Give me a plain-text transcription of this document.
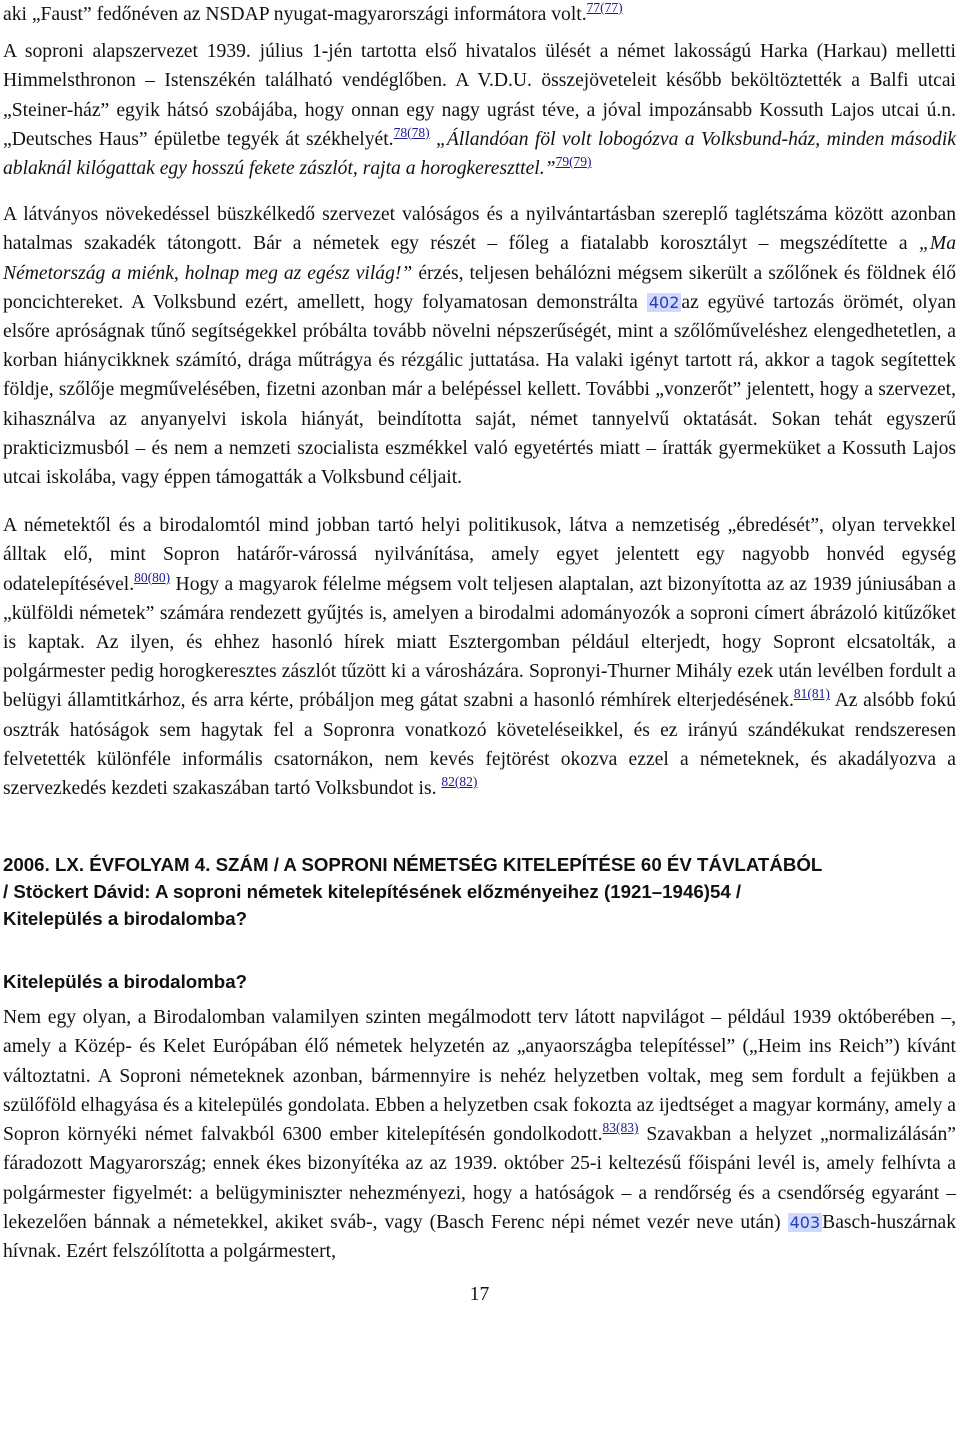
aki „Faust” fedőnéven az NSDAP nyugat-magyarországi informátora volt.$^{77(77)}$

A soproni alapszervezet 1939. július 1-jén tartotta első hivatalos ülését a német lakosságú Harka (Harkau) melletti Himmelsthronon – Istenszékén található vendéglőben. A V.D.U. összejöveteleit később beköltöztették a Balfi utcai „Steiner-ház” egyik hátsó szobájába, hogy onnan egy nagy ugrást téve, a jóval impozánsabb Kossuth Lajos utcai ú.n. „Deutsches Haus” épületbe tegyék át székhelyét.$^{78(78)}$ „Állandóan föl volt lobogózva a Volksbund-ház, minden második ablaknál kilógattak egy hosszú fekete zászlót, rajta a horogkereszttel.”$^{79(79)}$

A látványos növekedéssel büszkélkedő szervezet valóságos és a nyilvántartásban szereplő taglétszáma között azonban hatalmas szakadék tátongott. Bár a németek egy részét – főleg a fiatalabb korosztályt – megszédítette a „Ma Németország a miénk, holnap meg az egész világ!” érzés, teljesen behálózni mégsem sikerült a szőlőnek és földnek élő poncichtereket. A Volksbund ezért, amellett, hogy folyamatosan demonstrálta 402 az együvé tartozás örömét, olyan elsőre apróságnak tűnő segítségekkel próbálta tovább növelni népszerűségét, mint a szőlőműveléshez elengedhetetlen, a korban hiánycikknek számító, drága műtrágya és rézgálic juttatása. Ha valaki igényt tartott rá, akkor a tagok segítettek földje, szőlője megművelésében, fizetni azonban már a belépéssel kellett. További „vonzerőt” jelentett, hogy a szervezet, kihasználva az anyanyelvi iskola hiányát, beindította saját, német tannyelvű oktatását. Sokan tehát egyszerű prakticizmusból – és nem a nemzeti szocialista eszmékkel való egyetértés miatt – íratták gyermeküket a Kossuth Lajos utcai iskolába, vagy éppen támogatták a Volksbund céljait.

A németektől és a birodalomtól mind jobban tartó helyi politikusok, látva a nemzetiség „ébredését”, olyan tervekkel álltak elő, mint Sopron határőr-várossá nyilvánítása, amely egyet jelentett egy nagyobb honvéd egység odatelepítésével.$^{80(80)}$ Hogy a magyarok félelme mégsem volt teljesen alaptalan, azt bizonyította az az 1939 júniusában a „külföldi németek” számára rendezett gyűjtés is, amelyen a birodalmi adományozók a soproni címert ábrázoló kitűzőket is kaptak. Az ilyen, és ehhez hasonló hírek miatt Esztergomban például elterjedt, hogy Sopront elcsatolták, a polgármester pedig horogkeresztes zászlót tűzött ki a városházára. Sopronyi-Thurner Mihály ezek után levélben fordult a belügyi államtitkárhoz, és arra kérte, próbáljon meg gátat szabni a hasonló rémhírek elterjedésének.$^{81(81)}$ Az alsóbb fokú osztrák hatóságok sem hagytak fel a Sopronra vonatkozó követeléseikkel, és ez irányú szándékukat rendszeresen felvetették különféle informális csatornákon, nem kevés fejtörést okozva ezzel a németeknek, és akadályozva a szervezkedés kezdeti szakaszában tartó Volksbundot is. $^{82(82)}$

2006. LX. ÉVFOLYAM 4. SZÁM / A SOPRONI NÉMETSÉG KITELEPÍTÉSE 60 ÉV TÁVLATÁBÓL
/ Stöckert Dávid: A soproni németek kitelepítésének előzményeihez (1921–1946)54 /
Kitelepülés a birodalomba?
Kitelepülés a birodalomba?

Nem egy olyan, a Birodalomban valamilyen szinten megálmodott terv látott napvilágot – például 1939 októberében –, amely a Közép- és Kelet Európában élő németek helyzetén az „anyaországba telepítéssel” („Heim ins Reich”) kívánt változtatni. A Soproni németeknek azonban, bármennyire is nehéz helyzetben voltak, meg sem fordult a fejükben a szülőföld elhagyása és a kitelepülés gondolata. Ebben a helyzetben csak fokozta az ijedtséget a magyar kormány, amely a Sopron környéki német falvakból 6300 ember kitelepítésén gondolkodott.$^{83(83)}$ Szavakban a helyzet „normalizálásán” fáradozott Magyarország; ennek ékes bizonyítéka az az 1939. október 25-i keltezésű főispáni levél is, amely felhívta a polgármester figyelmét: a belügyminiszter nehezményezi, hogy a hatóságok – a rendőrség és a csendőrség egyaránt – lekezelően bánnak a németekkel, akiket sváb-, vagy (Basch Ferenc népi német vezér neve után) 403 Basch-huszárnak hívnak. Ezért felszólította a polgármestert,

17
